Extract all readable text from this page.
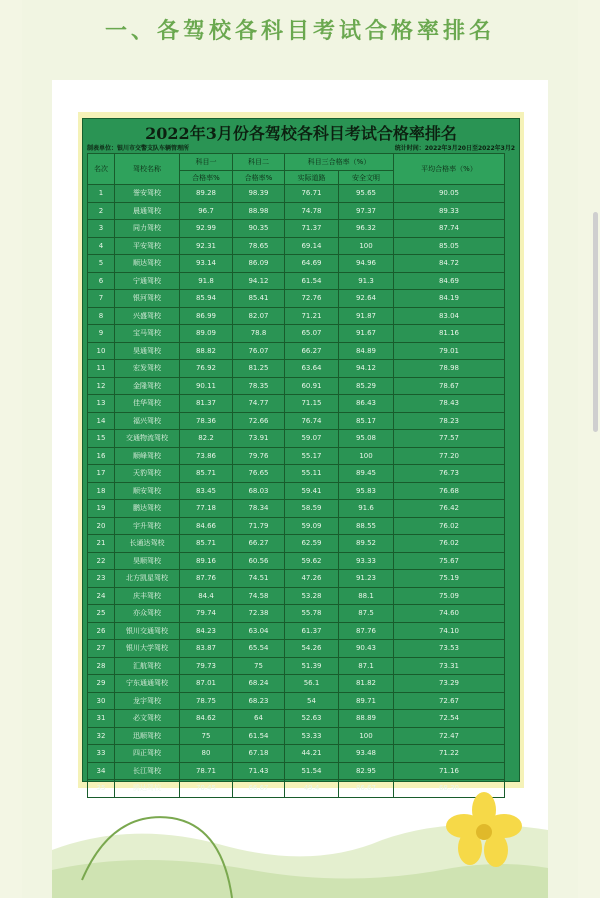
一、各驾校各科目考试合格率排名
2022年3月份各驾校各科目考试合格率排名
制表单位：银川市交警支队车辆管理所	统计时间：2022年3月20日至2022年3月2
名次	驾校名称	科目一	科目二	科目三合格率（%）		平均合格率（%）
		合格率%	合格率%	实际道路	安全文明	
1	誉安驾校	89.28	98.39	76.71	95.65	90.05
2	晨通驾校	96.7	88.98	74.78	97.37	89.33
3	同力驾校	92.99	90.35	71.37	96.32	87.74
4	平安驾校	92.31	78.65	69.14	100	85.05
5	顺达驾校	93.14	86.09	64.69	94.96	84.72
6	宁通驾校	91.8	94.12	61.54	91.3	84.69
7	银河驾校	85.94	85.41	72.76	92.64	84.19
8	兴盛驾校	86.99	82.07	71.21	91.87	83.04
9	宝马驾校	89.09	78.8	65.07	91.67	81.16
10	昊通驾校	88.82	76.07	66.27	84.89	79.01
11	宏发驾校	76.92	81.25	63.64	94.12	78.98
12	金隆驾校	90.11	78.35	60.91	85.29	78.67
13	佳华驾校	81.37	74.77	71.15	86.43	78.43
14	福兴驾校	78.36	72.66	76.74	85.17	78.23
15	交通物流驾校	82.2	73.91	59.07	95.08	77.57
16	顺峰驾校	73.86	79.76	55.17	100	77.20
17	天豹驾校	85.71	76.65	55.11	89.45	76.73
18	顺安驾校	83.45	68.03	59.41	95.83	76.68
19	鹏达驾校	77.18	78.34	58.59	91.6	76.42
20	宇升驾校	84.66	71.79	59.09	88.55	76.02
21	长通达驾校	85.71	66.27	62.59	89.52	76.02
22	昊顺驾校	89.16	60.56	59.62	93.33	75.67
23	北方凯星驾校	87.76	74.51	47.26	91.23	75.19
24	庆丰驾校	84.4	74.58	53.28	88.1	75.09
25	亦众驾校	79.74	72.38	55.78	87.5	74.60
26	银川交通驾校	84.23	63.04	61.37	87.76	74.10
27	银川大学驾校	83.87	65.54	54.26	90.43	73.53
28	汇航驾校	79.73	75	51.39	87.1	73.31
29	宁东通通驾校	87.01	68.24	56.1	81.82	73.29
30	龙宇驾校	78.75	68.23	54	89.71	72.67
31	必文驾校	84.62	64	52.63	88.89	72.54
32	迅顺驾校	75	61.54	53.33	100	72.47
33	四正驾校	80	67.18	44.21	93.48	71.22
34	长江驾校	78.71	71.43	51.54	82.95	71.16
35	腾达驾校	70.45	66.67	49.4	86.67	68.30
